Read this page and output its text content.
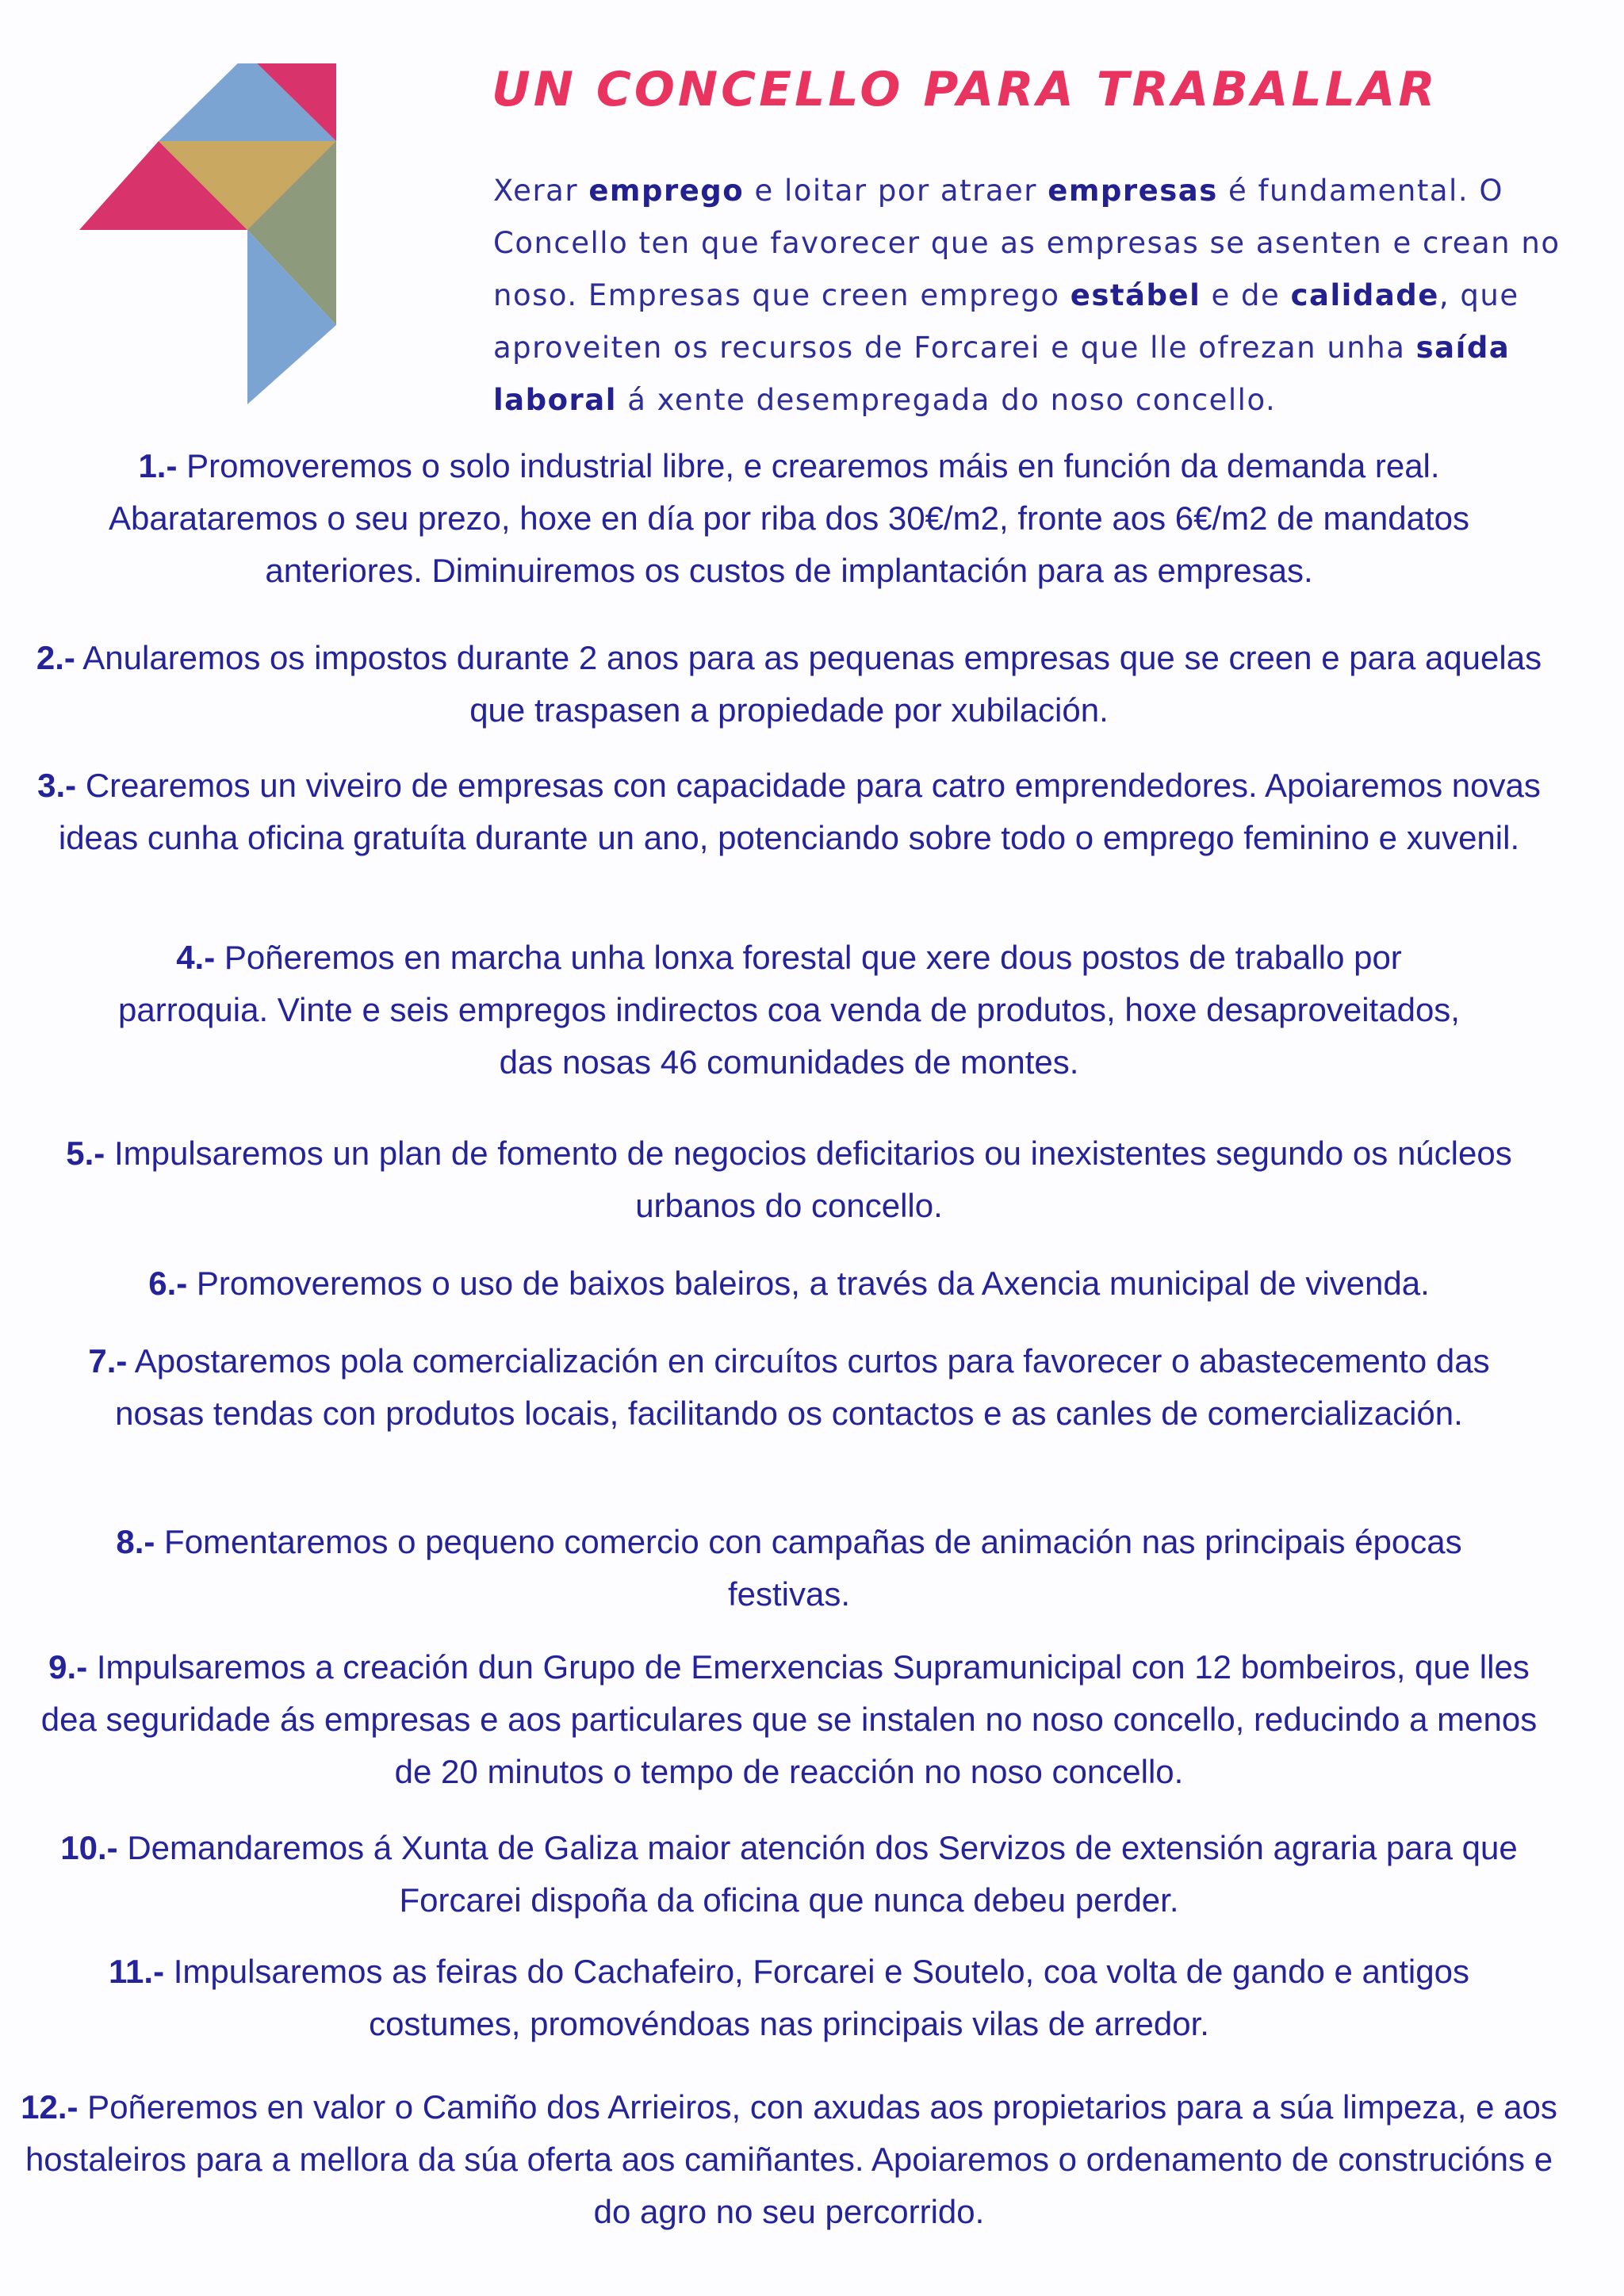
UN CONCELLO PARA TRABALLAR

Xerar emprego e loitar por atraer empresas é fundamental. O Concello ten que favorecer que as empresas se asenten e crean no noso. Empresas que creen emprego estábel e de calidade, que aproveiten os recursos de Forcarei e que lle ofrezan unha saída laboral á xente desempregada do noso concello.

1.- Promoveremos o solo industrial libre, e crearemos máis en función da demanda real. Abarataremos o seu prezo, hoxe en día por riba dos 30€/m2, fronte aos 6€/m2 de mandatos anteriores. Diminuiremos os custos de implantación para as empresas.

2.- Anularemos os impostos durante 2 anos para as pequenas empresas que se creen e para aquelas que traspasen a propiedade por xubilación.

3.- Crearemos un viveiro de empresas con capacidade para catro emprendedores. Apoiaremos novas ideas cunha oficina gratuíta durante un ano, potenciando sobre todo o emprego feminino e xuvenil.

4.- Poñeremos en marcha unha lonxa forestal que xere dous postos de traballo por parroquia. Vinte e seis empregos indirectos coa venda de produtos, hoxe desaproveitados, das nosas 46 comunidades de montes.

5.- Impulsaremos un plan de fomento de negocios deficitarios ou inexistentes segundo os núcleos urbanos do concello.

6.- Promoveremos o uso de baixos baleiros, a través da Axencia municipal de vivenda.

7.- Apostaremos pola comercialización en circuítos curtos para favorecer o abastecemento das nosas tendas con produtos locais, facilitando os contactos e as canles de comercialización.

8.- Fomentaremos o pequeno comercio con campañas de animación nas principais épocas festivas.

9.- Impulsaremos a creación dun Grupo de Emerxencias Supramunicipal con 12 bombeiros, que lles dea seguridade ás empresas e aos particulares que se instalen no noso concello, reducindo a menos de 20 minutos o tempo de reacción no noso concello.

10.- Demandaremos á Xunta de Galiza maior atención dos Servizos de extensión agraria para que Forcarei dispoña da oficina que nunca debeu perder.

11.- Impulsaremos as feiras do Cachafeiro, Forcarei e Soutelo, coa volta de gando e antigos costumes, promovéndoas nas principais vilas de arredor.

12.- Poñeremos en valor o Camiño dos Arrieiros, con axudas aos propietarios para a súa limpeza, e aos hostaleiros para a mellora da súa oferta aos camiñantes. Apoiaremos o ordenamento de construcións e do agro no seu percorrido.
